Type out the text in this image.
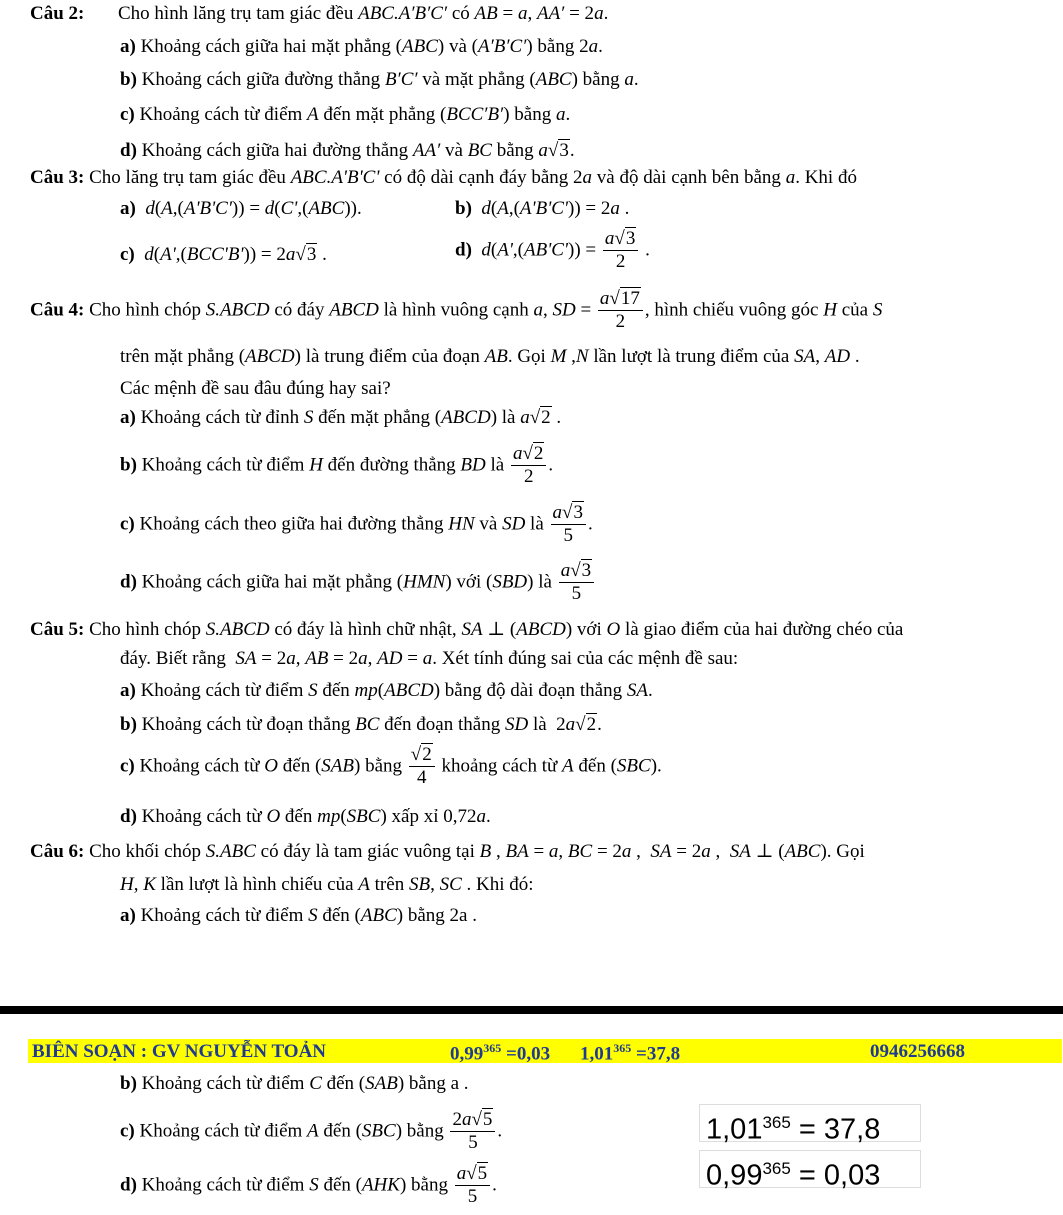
Câu 2: Cho hình lăng trụ tam giác đều ABC.A′B′C′ có AB = a, AA′ = 2a.
a) Khoảng cách giữa hai mặt phẳng (ABC) và (A′B′C′) bằng 2a.
b) Khoảng cách giữa đường thẳng B′C′ và mặt phẳng (ABC) bằng a.
c) Khoảng cách từ điểm A đến mặt phẳng (BCC′B′) bằng a.
d) Khoảng cách giữa hai đường thẳng AA′ và BC bằng a√3.
Câu 3: Cho lăng trụ tam giác đều ABC.A'B'C' có độ dài cạnh đáy bằng 2a và độ dài cạnh bên bằng a. Khi đó
a) d(A,(A'B'C')) = d(C',(ABC)).	b) d(A,(A'B'C')) = 2a .
c) d(A',(BCC'B')) = 2a√3 .	d) $d(A',(AB'C')) = \frac{a√3}{2}$ .
Câu 4: Cho hình chóp S.ABCD có đáy ABCD là hình vuông cạnh a, SD = $\frac{a√17}{2}$ , hình chiếu vuông góc H của S
trên mặt phẳng (ABCD) là trung điểm của đoạn AB. Gọi M ,N lần lượt là trung điểm của SA, AD .
Các mệnh đề sau đâu đúng hay sai?
a) Khoảng cách từ đỉnh S đến mặt phẳng (ABCD) là a√2 .
b) Khoảng cách từ điểm H đến đường thẳng BD là $\frac{a√2}{2}$ .
c) Khoảng cách theo giữa hai đường thẳng HN và SD là $\frac{a√3}{5}$ .
d) Khoảng cách giữa hai mặt phẳng (HMN) với (SBD) là $\frac{a√3}{5}$
Câu 5: Cho hình chóp S.ABCD có đáy là hình chữ nhật, SA ⊥ (ABCD) với O là giao điểm của hai đường chéo của
đáy. Biết rằng  SA = 2a, AB = 2a, AD = a. Xét tính đúng sai của các mệnh đề sau:
a) Khoảng cách từ điểm S đến mp(ABCD) bằng độ dài đoạn thẳng SA.
b) Khoảng cách từ đoạn thẳng BC đến đoạn thẳng SD là  2a√2.
c) Khoảng cách từ O đến (SAB) bằng $\frac{√2}{4}$ khoảng cách từ A đến (SBC).
d) Khoảng cách từ O đến mp(SBC) xấp xỉ 0,72a.
Câu 6: Cho khối chóp S.ABC có đáy là tam giác vuông tại B , BA = a, BC = 2a ,  SA = 2a ,  SA ⊥ (ABC). Gọi
H, K lần lượt là hình chiếu của A trên SB, SC . Khi đó:
a) Khoảng cách từ điểm S đến (ABC) bằng 2a .
BIÊN SOẠN : GV NGUYỄN TOẢN	$0,99^{365} =0,03$ $1,01^{365} =37,8$	0946256668
b) Khoảng cách từ điểm C đến (SAB) bằng a .
c) Khoảng cách từ điểm A đến (SBC) bằng $\frac{2a√5}{5}$ .
d) Khoảng cách từ điểm S đến (AHK) bằng $\frac{a√5}{5}$ .
$1,01^{365} = 37,8$
$0,99^{365} = 0,03$
